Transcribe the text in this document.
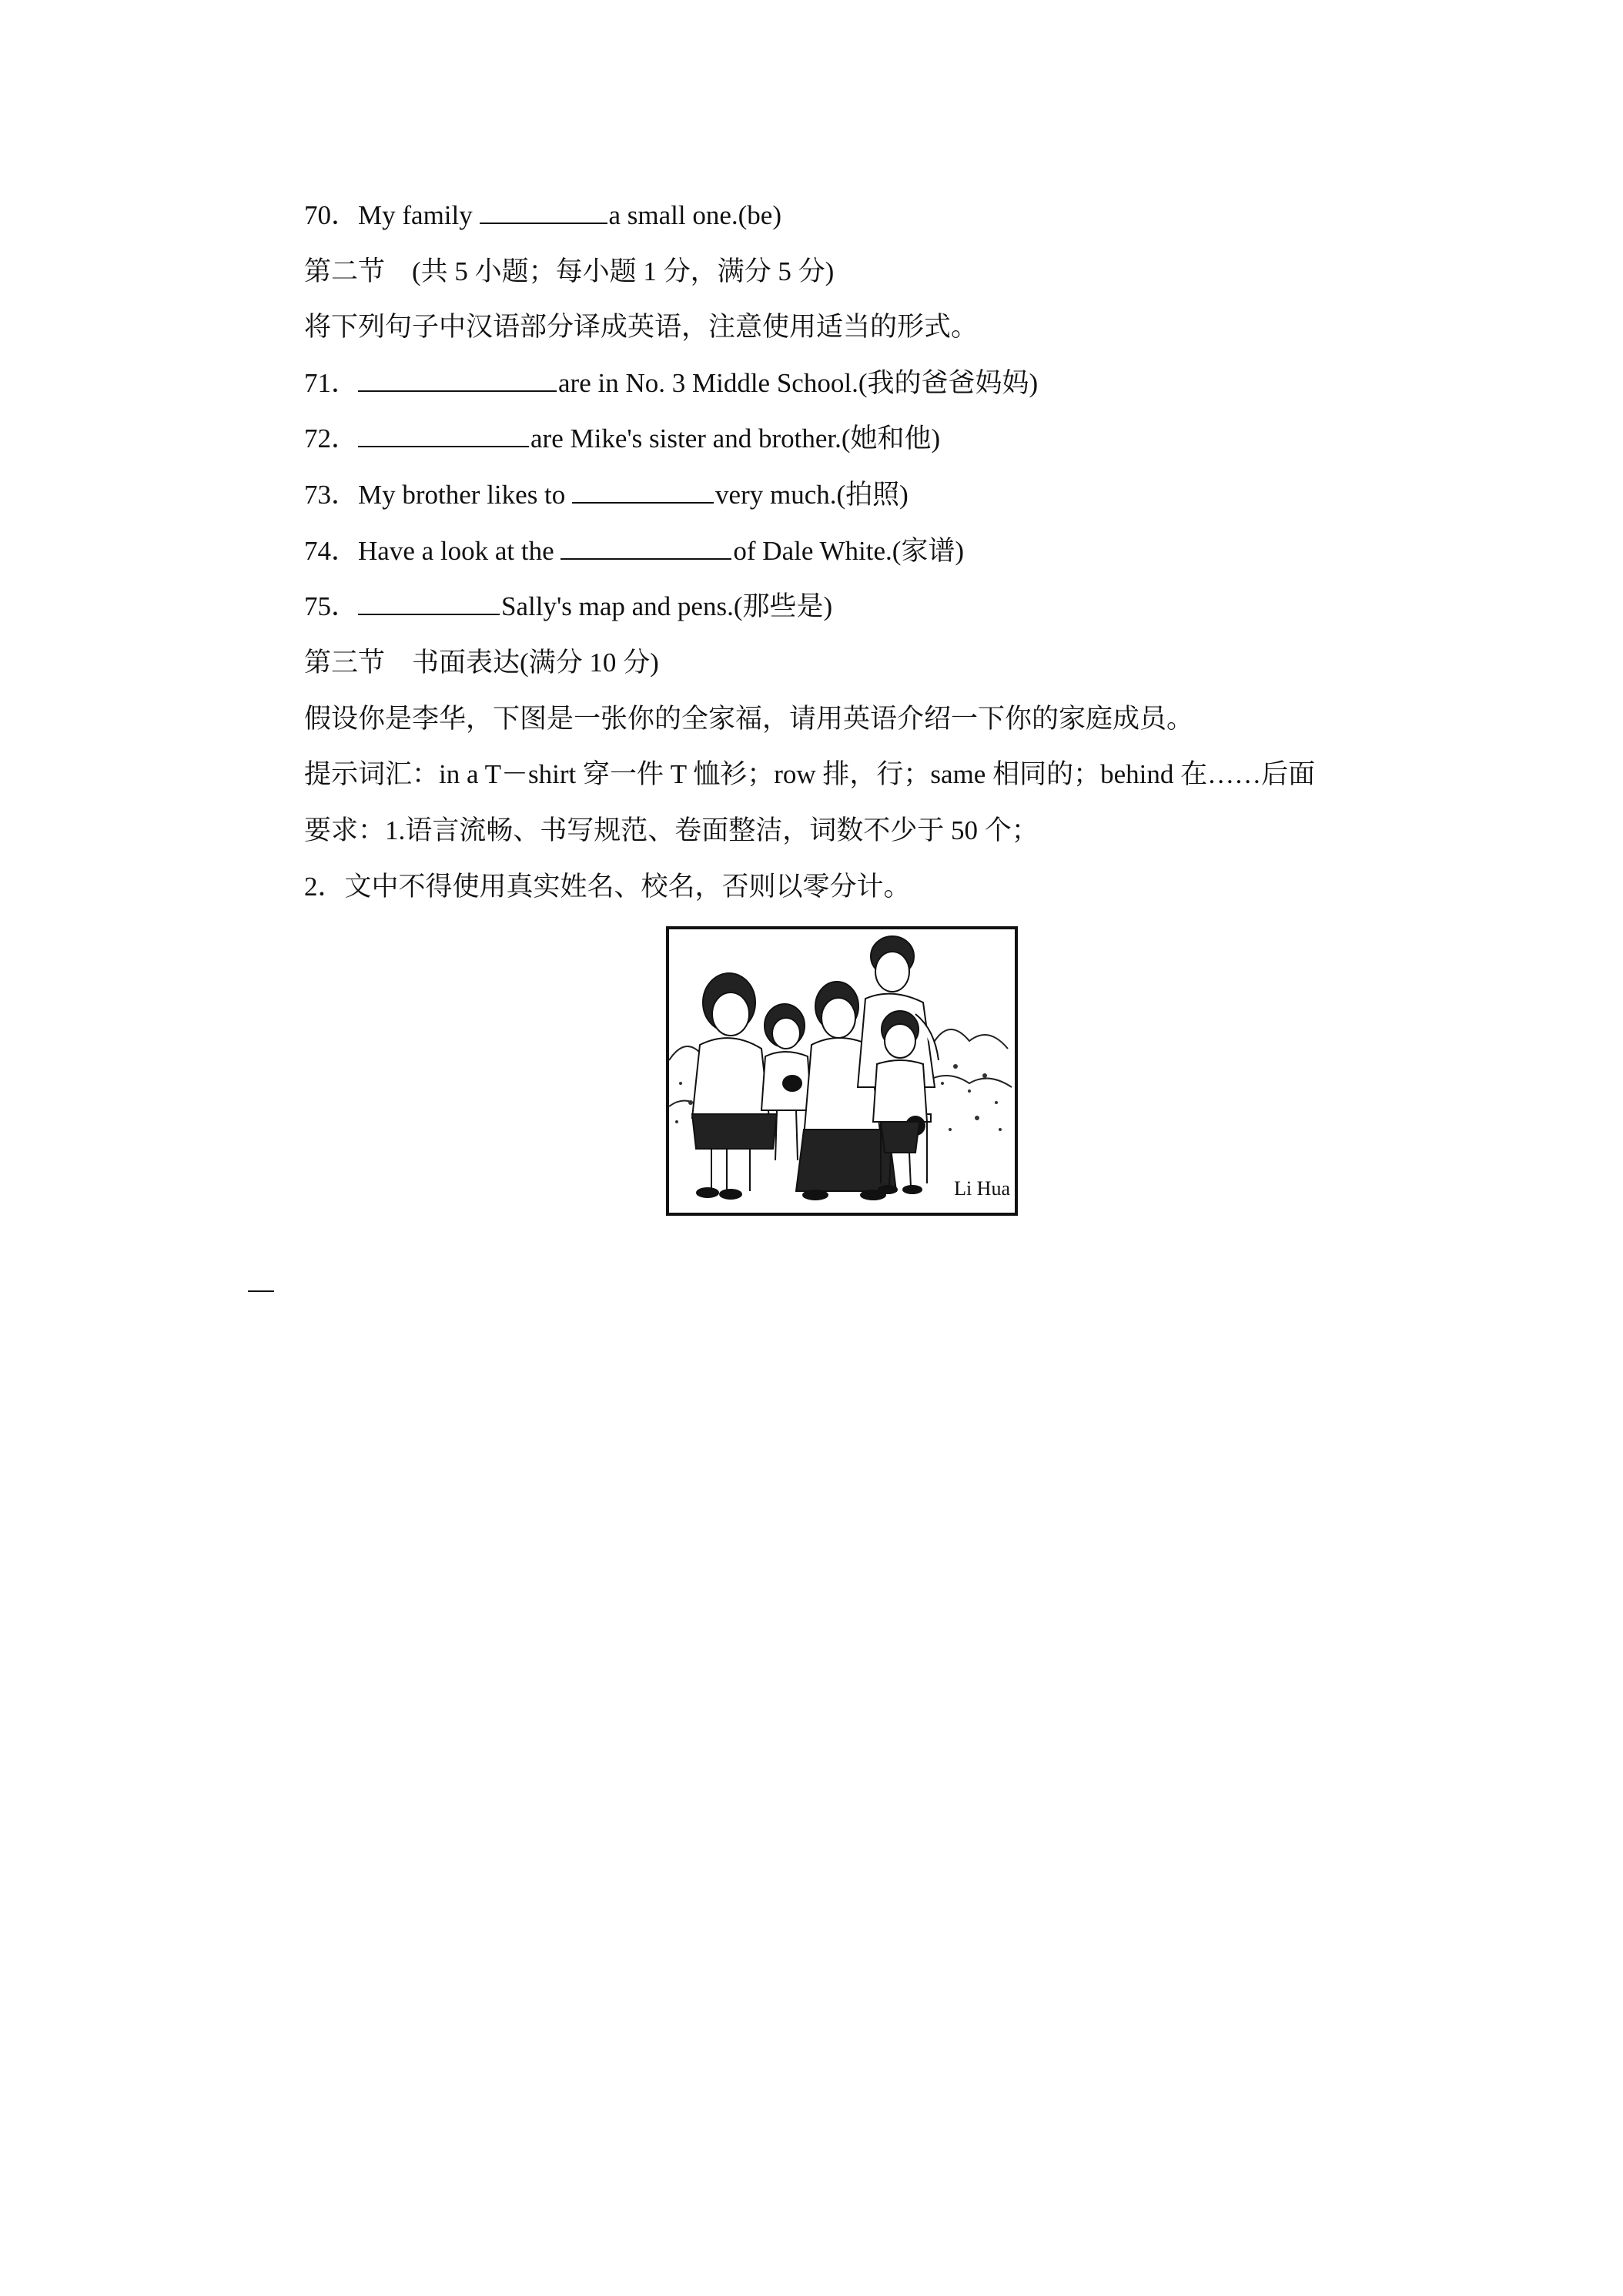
70．My family	a small one.(be)
第二节　(共 5 小题；每小题 1 分，满分 5 分)
将下列句子中汉语部分译成英语，注意使用适当的形式。
71．	are in No. 3 Middle School.(我的爸爸妈妈)
72．	are Mike's sister and brother.(她和他)
73．My brother likes to	very much.(拍照)
74．Have a look at the	of Dale White.(家谱)
75．	Sally's map and pens.(那些是)
第三节　书面表达(满分 10 分)
假设你是李华，下图是一张你的全家福，请用英语介绍一下你的家庭成员。
提示词汇：in a T－shirt 穿一件 T 恤衫；row 排，行；same 相同的；behind 在……后面
要求：1.语言流畅、书写规范、卷面整洁，词数不少于 50 个；
2．文中不得使用真实姓名、校名，否则以零分计。
Li Hua
